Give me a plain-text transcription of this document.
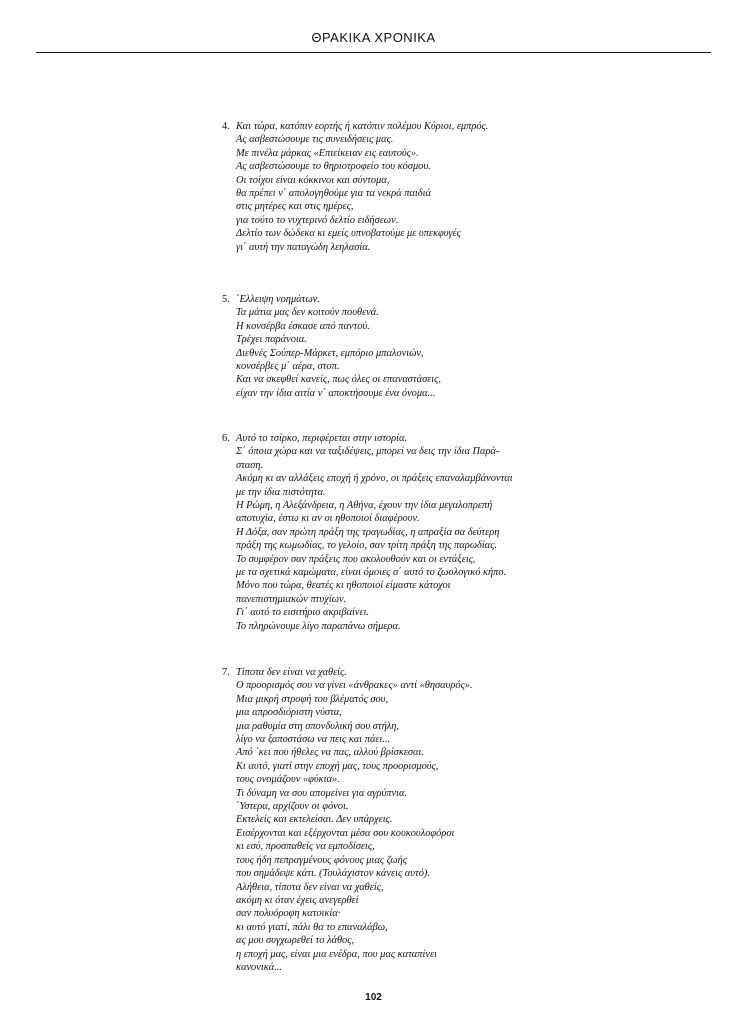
ΘΡΑΚΙΚΑ ΧΡΟΝΙΚΑ
4. Και τώρα, κατόπιν εορτής ή κατόπιν πολέμου Κύριοι, εμπρός.
Ας ασβεστώσουμε τις συνειδήσεις μας.
Με πινέλα μάρκας «Επιείκειαν εις εαυτούς».
Ας ασβεστώσουμε το θηριοτροφείο του κόσμου.
Οι τοίχοι είναι κόκκινοι και σύντομα,
θα πρέπει ν΄ απολογηθούμε για τα νεκρά παιδιά
στις μητέρες και στις ημέρες,
για τούτο το νυχτερινό δελτίο ειδήσεων.
Δελτίο των δώδεκα κι εμείς υπνοβατούμε με υπεκφυγές
γι΄ αυτή την παταγώδη λεηλασία.
5. ΄Ελλειψη νοημάτων.
Τα μάτια μας δεν κοιτούν πουθενά.
Η κονσέρβα έσκασε από παντού.
Τρέχει παράνοια.
Διεθνές Σούπερ-Μάρκετ, εμπόριο μπαλονιών,
κονσέρβες μ΄ αέρα, στοπ.
Και να σκεφθεί κανείς, πως όλες οι επαναστάσεις,
είχαν την ίδια αιτία ν΄ αποκτήσουμε ένα όνομα...
6. Αυτό το τσίρκο, περιφέρεται στην ιστορία.
Σ΄ όποια χώρα και να ταξιδέψεις, μπορεί να δεις την ίδια Παρά-
σταση.
Ακόμη κι αν αλλάξεις εποχή ή χρόνο, οι πράξεις επαναλαμβάνονται
με την ίδια πιστότητα.
Η Ρώμη, η Αλεξάνδρεια, η Αθήνα, έχουν την ίδια μεγαλοπρεπή
αποτυχία, έστω κι αν οι ηθοποιοί διαφέρουν.
Η Δόξα, σαν πρώτη πράξη της τραγωδίας, η απραξία σα δεύτερη
πράξη της κωμωδίας, το γελοίο, σαν τρίτη πράξη της παρωδίας.
Το συμφέρον σαν πράξεις που ακολουθούν και οι εντάξεις,
με τα σχετικά καμώματα, είναι όμοιες σ΄ αυτό το ζωολογικό κήπο.
Μόνο που τώρα, θεατές κι ηθοποιοί είμαστε κάτοχοι
πανεπιστημιακών πτυχίων.
Γι΄ αυτό το εισιτήριο ακριβαίνει.
Το πληρώνουμε λίγο παραπάνω σήμερα.
7. Τίποτα δεν είναι να χαθείς.
Ο προορισμός σου να γίνει «άνθρακες» αντί «θησαυρός».
Μια μικρή στροφή του βλέματός σου,
μια απροσδιόριστη νύστα,
μια ραθυμία στη σπονδυλική σου στήλη,
λίγο να ξαποστάσω να πεις και πάει...
Από ΄κει που ήθελες να πας, αλλού βρίσκεσαι.
Κι αυτό, γιατί στην εποχή μας, τους προορισμούς,
τους ονομάζουν «φύκια».
Τι δύναμη να σου απομείνει για αγρύπνια.
΄Υστερα, αρχίζουν οι φόνοι.
Εκτελείς και εκτελείσαι. Δεν υπάρχεις.
Εισέρχονται και εξέρχονται μέσα σου κουκουλοφόροι
κι εσύ, προσπαθείς να εμποδίσεις,
τους ήδη πεπραγμένους φόνους μιας ζωής
που σημάδεψε κάτι. (Τουλάχιστον κάνεις αυτό).
Αλήθεια, τίποτα δεν είναι να χαθείς,
ακόμη κι όταν έχεις ανεγερθεί
σαν πολυόροφη κατοικία·
κι αυτό γιατί, πάλι θα το επαναλάβω,
ας μου συγχωρεθεί το λάθος,
η εποχή μας, είναι μια ενέδρα, που μας καταπίνει
κανονικά...
102
